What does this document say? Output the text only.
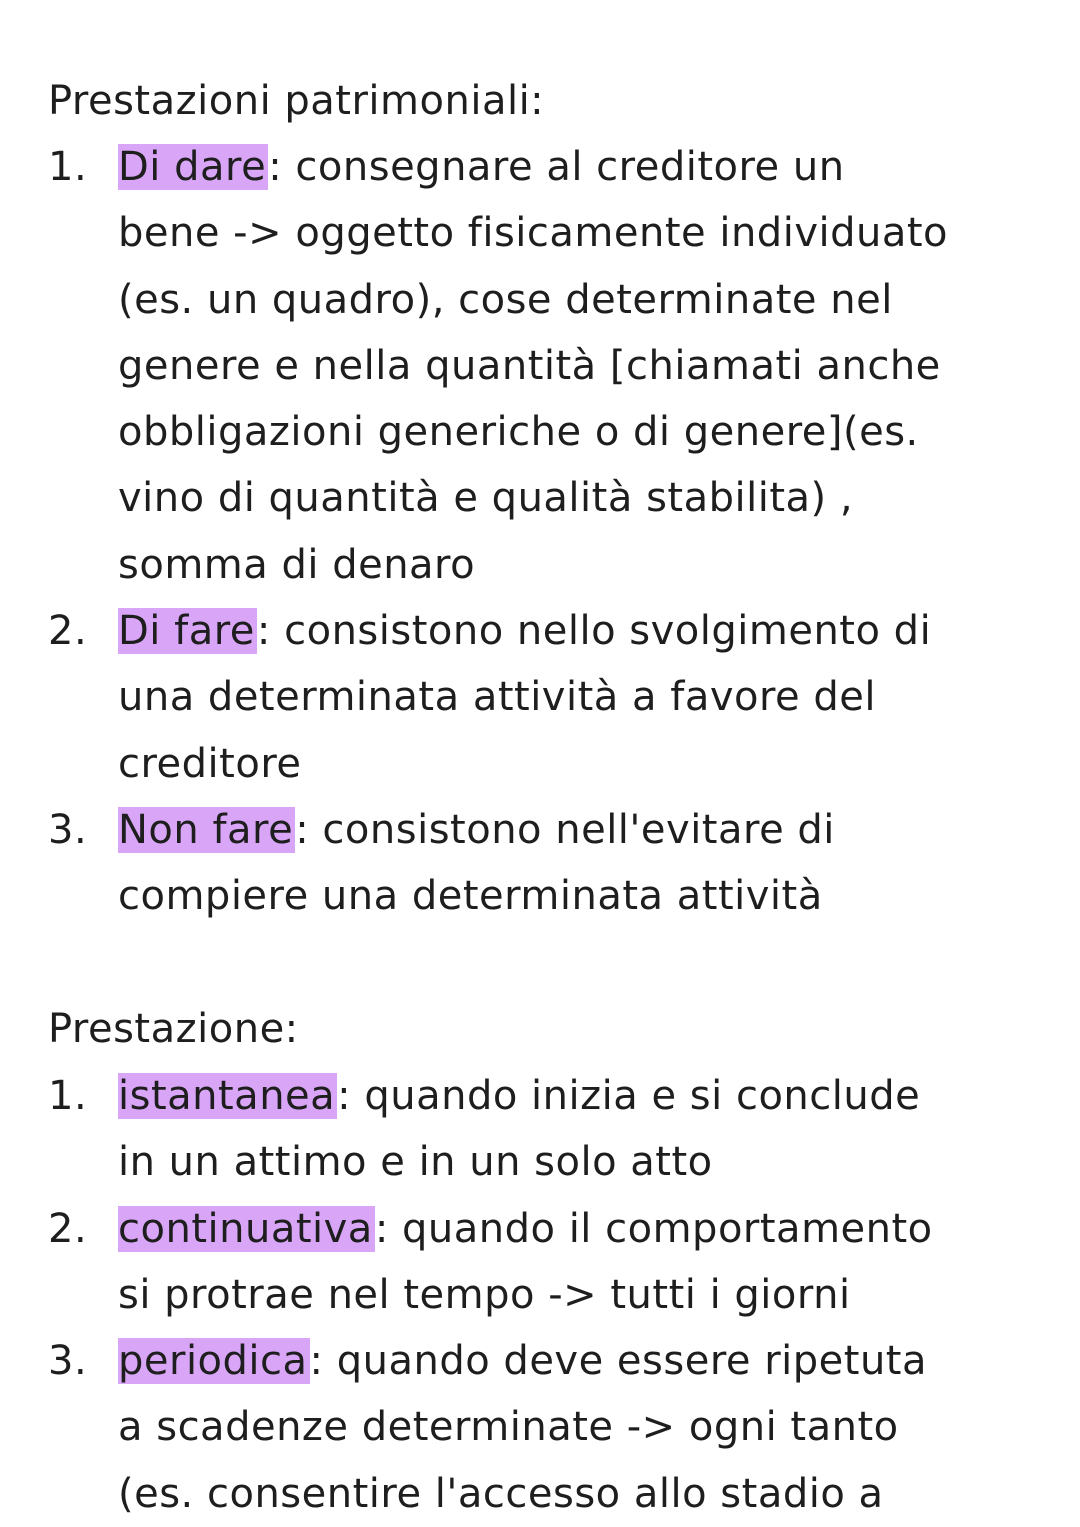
Prestazioni patrimoniali:
1. Di dare: consegnare al creditore un
bene -> oggetto fisicamente individuato
(es. un quadro), cose determinate nel
genere e nella quantità [chiamati anche
obbligazioni generiche o di genere](es.
vino di quantità e qualità stabilita) ,
somma di denaro
2. Di fare: consistono nello svolgimento di
una determinata attività a favore del
creditore
3. Non fare: consistono nell'evitare di
compiere una determinata attività
Prestazione:
1. istantanea: quando inizia e si conclude
in un attimo e in un solo atto
2. continuativa: quando il comportamento
si protrae nel tempo -> tutti i giorni
3. periodica: quando deve essere ripetuta
a scadenze determinate -> ogni tanto
(es. consentire l'accesso allo stadio a
